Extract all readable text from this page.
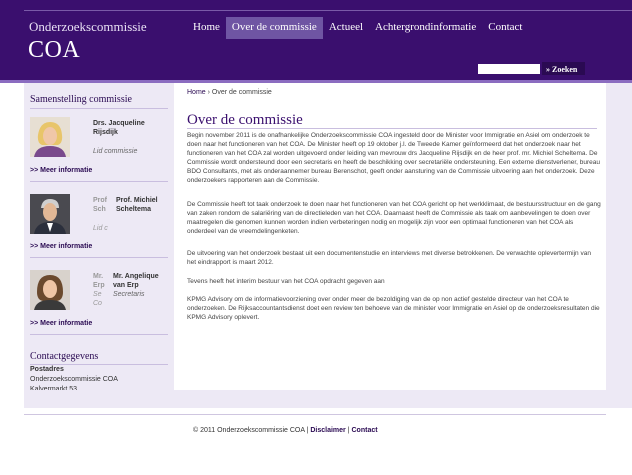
Onderzoekscommissie
COA
Home	Over de commissie	Actueel	Achtergrondinformatie	Contact
» Zoeken
Samenstelling commissie
Drs. Jacqueline
Rijsdijk
Lid commissie
>> Meer informatie
Prof
Sch
Lid c
Prof. Michiel
Scheltema
>> Meer informatie
Mr.
Erp
Se
Co
Mr. Angelique
van Erp
Secretaris
>> Meer informatie
Contactgegevens
Postadres
Onderzoekscommissie COA
Home › Over de commissie
Over de commissie

Begin november 2011 is de onafhankelijke Onderzoekscommissie COA ingesteld door de Minister voor Immigratie en Asiel om onderzoek te doen naar het functioneren van het COA. De Minister heeft op 19 oktober j.l. de Tweede Kamer geïnformeerd dat het onderzoek naar het functioneren van het COA zal worden uitgevoerd onder leiding van mevrouw drs Jacqueline Rijsdijk en de heer prof. mr. Michiel Scheltema. De Commissie wordt ondersteund door een secretaris en heeft de beschikking over secretariële ondersteuning. Een externe dienstverlener, bureau BDO Consultants, met als onderaannemer bureau Berenschot, geeft onder aansturing van de Commissie uitvoering aan het onderzoek. Deze onderzoekers rapporteren aan de Commissie.

De Commissie heeft tot taak onderzoek te doen naar het functioneren van het COA gericht op het werkklimaat, de bestuursstructuur en de gang van zaken rondom de salariëring van de directieleden van het COA. Daarnaast heeft de Commissie als taak om aanbevelingen te doen over maatregelen die genomen kunnen worden indien verbeteringen nodig en mogelijk zijn voor een optimaal functioneren van het COA als onderdeel van de vreemdelingenketen.

De uitvoering van het onderzoek bestaat uit een documentenstudie en interviews met diverse betrokkenen. De verwachte oplevertermijn van het eindrapport is maart 2012.

Tevens heeft het interim bestuur van het COA opdracht gegeven aan

KPMG Advisory om de informatievoorziening over onder meer de bezoldiging van de op non actief gestelde directeur van het COA te onderzoeken. De Rijksaccountantsdienst doet een review ten behoeve van de minister voor Immigratie en Asiel op de onderzoeksresultaten die KPMG Advisory oplevert.

© 2011 Onderzoekscommissie COA | Disclaimer | Contact
